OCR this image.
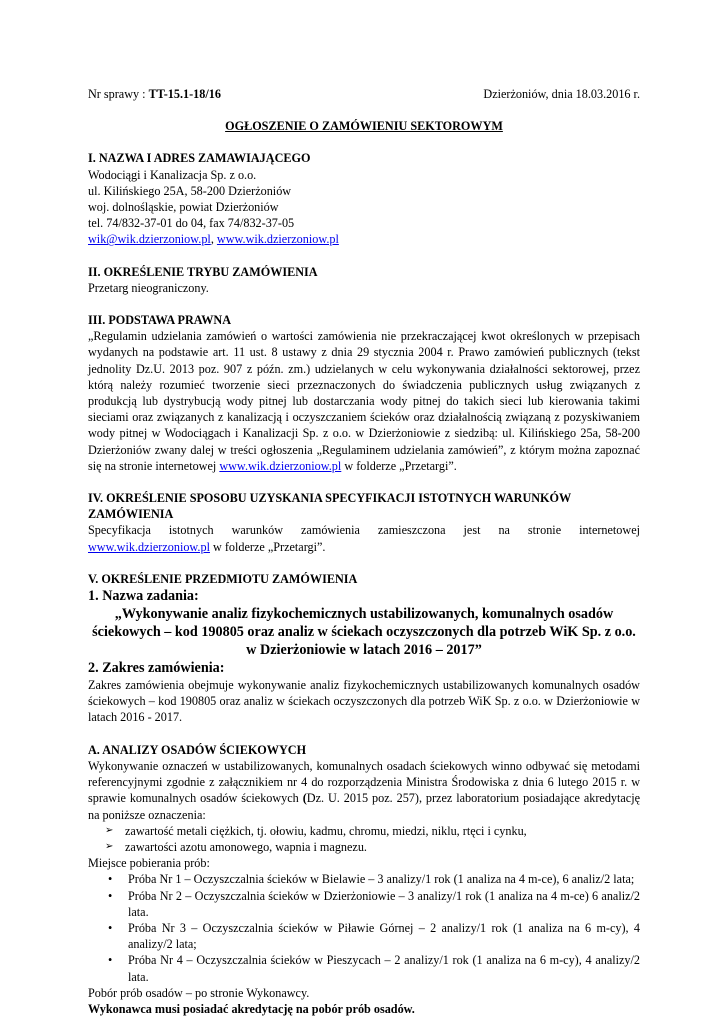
Nr sprawy : TT-15.1-18/16	Dzierżoniów, dnia 18.03.2016 r.

OGŁOSZENIE O ZAMÓWIENIU SEKTOROWYM

I. NAZWA I ADRES ZAMAWIAJĄCEGO

Wodociągi i Kanalizacja Sp. z o.o.

ul. Kilińskiego 25A, 58-200 Dzierżoniów

woj. dolnośląskie, powiat Dzierżoniów

tel. 74/832-37-01 do 04, fax 74/832-37-05

wik@wik.dzierzoniow.pl, www.wik.dzierzoniow.pl

II. OKREŚLENIE TRYBU ZAMÓWIENIA

Przetarg nieograniczony.

III. PODSTAWA PRAWNA

„Regulamin udzielania zamówień o wartości zamówienia nie przekraczającej kwot określonych w przepisach wydanych na podstawie art. 11 ust. 8 ustawy z dnia 29 stycznia 2004 r. Prawo zamówień publicznych (tekst jednolity Dz.U. 2013 poz. 907 z późn. zm.) udzielanych w celu wykonywania działalności sektorowej, przez którą należy rozumieć tworzenie sieci przeznaczonych do świadczenia publicznych usług związanych z produkcją lub dystrybucją wody pitnej lub dostarczania wody pitnej do takich sieci lub kierowania takimi sieciami oraz związanych z kanalizacją i oczyszczaniem ścieków oraz działalnością związaną z pozyskiwaniem wody pitnej w Wodociągach i Kanalizacji Sp. z o.o. w Dzierżoniowie z siedzibą: ul. Kilińskiego 25a, 58-200 Dzierżoniów zwany dalej w treści ogłoszenia „Regulaminem udzielania zamówień”, z którym można zapoznać się na stronie internetowej www.wik.dzierzoniow.pl w folderze „Przetargi”.

IV. OKREŚLENIE SPOSOBU UZYSKANIA SPECYFIKACJI ISTOTNYCH WARUNKÓW ZAMÓWIENIA

Specyfikacja istotnych warunków zamówienia zamieszczona jest na stronie internetowej www.wik.dzierzoniow.pl w folderze „Przetargi”.

V. OKREŚLENIE PRZEDMIOTU ZAMÓWIENIA

1. Nazwa zadania:

„Wykonywanie analiz fizykochemicznych ustabilizowanych, komunalnych osadów ściekowych – kod 190805 oraz analiz w ściekach oczyszczonych dla potrzeb WiK Sp. z o.o. w Dzierżoniowie w latach 2016 – 2017”

2. Zakres zamówienia:

Zakres zamówienia obejmuje wykonywanie analiz fizykochemicznych ustabilizowanych komunalnych osadów ściekowych – kod 190805 oraz analiz w ściekach oczyszczonych dla potrzeb WiK Sp. z o.o. w Dzierżoniowie w latach 2016 - 2017.

A. ANALIZY OSADÓW ŚCIEKOWYCH

Wykonywanie oznaczeń w ustabilizowanych, komunalnych osadach ściekowych winno odbywać się metodami referencyjnymi zgodnie z załącznikiem nr 4 do rozporządzenia Ministra Środowiska z dnia 6 lutego 2015 r. w sprawie komunalnych osadów ściekowych (Dz. U. 2015 poz. 257), przez laboratorium posiadające akredytację na poniższe oznaczenia:

➢ zawartość metali ciężkich, tj. ołowiu, kadmu, chromu, miedzi, niklu, rtęci i cynku,
➢ zawartości azotu amonowego, wapnia i magnezu.

Miejsce pobierania prób:

• Próba Nr 1 – Oczyszczalnia ścieków w Bielawie – 3 analizy/1 rok (1 analiza na 4 m-ce), 6 analiz/2 lata;
• Próba Nr 2 – Oczyszczalnia ścieków w Dzierżoniowie – 3 analizy/1 rok (1 analiza na 4 m-ce) 6 analiz/2 lata.
• Próba Nr 3 – Oczyszczalnia ścieków w Piławie Górnej – 2 analizy/1 rok (1 analiza na 6 m-cy), 4 analizy/2 lata;
• Próba Nr 4 – Oczyszczalnia ścieków w Pieszycach – 2 analizy/1 rok (1 analiza na 6 m-cy), 4 analizy/2 lata.

Pobór prób osadów – po stronie Wykonawcy.

Wykonawca musi posiadać akredytację na pobór prób osadów.
